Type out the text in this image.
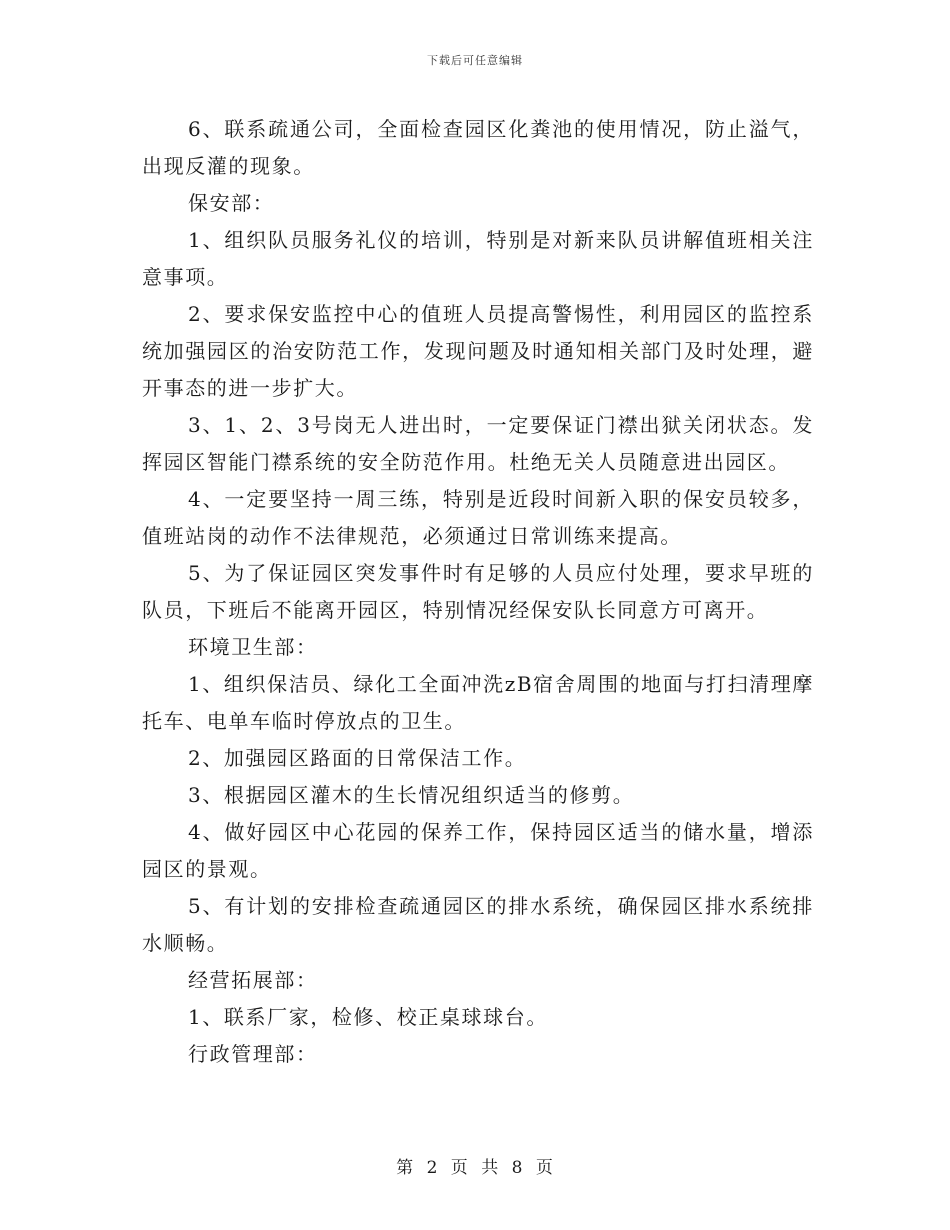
下载后可任意编辑

6、联系疏通公司，全面检查园区化粪池的使用情况，防止溢气，出现反灌的现象。

保安部：

1、组织队员服务礼仪的培训，特别是对新来队员讲解值班相关注意事项。

2、要求保安监控中心的值班人员提高警惕性，利用园区的监控系统加强园区的治安防范工作，发现问题及时通知相关部门及时处理，避开事态的进一步扩大。

3、1、2、3号岗无人进出时，一定要保证门襟出狱关闭状态。发挥园区智能门襟系统的安全防范作用。杜绝无关人员随意进出园区。

4、一定要坚持一周三练，特别是近段时间新入职的保安员较多，值班站岗的动作不法律规范，必须通过日常训练来提高。

5、为了保证园区突发事件时有足够的人员应付处理，要求早班的队员，下班后不能离开园区，特别情况经保安队长同意方可离开。

环境卫生部：

1、组织保洁员、绿化工全面冲洗zB宿舍周围的地面与打扫清理摩托车、电单车临时停放点的卫生。

2、加强园区路面的日常保洁工作。

3、根据园区灌木的生长情况组织适当的修剪。

4、做好园区中心花园的保养工作，保持园区适当的储水量，增添园区的景观。

5、有计划的安排检查疏通园区的排水系统，确保园区排水系统排水顺畅。

经营拓展部：

1、联系厂家，检修、校正桌球球台。

行政管理部：

第 2 页 共 8 页
